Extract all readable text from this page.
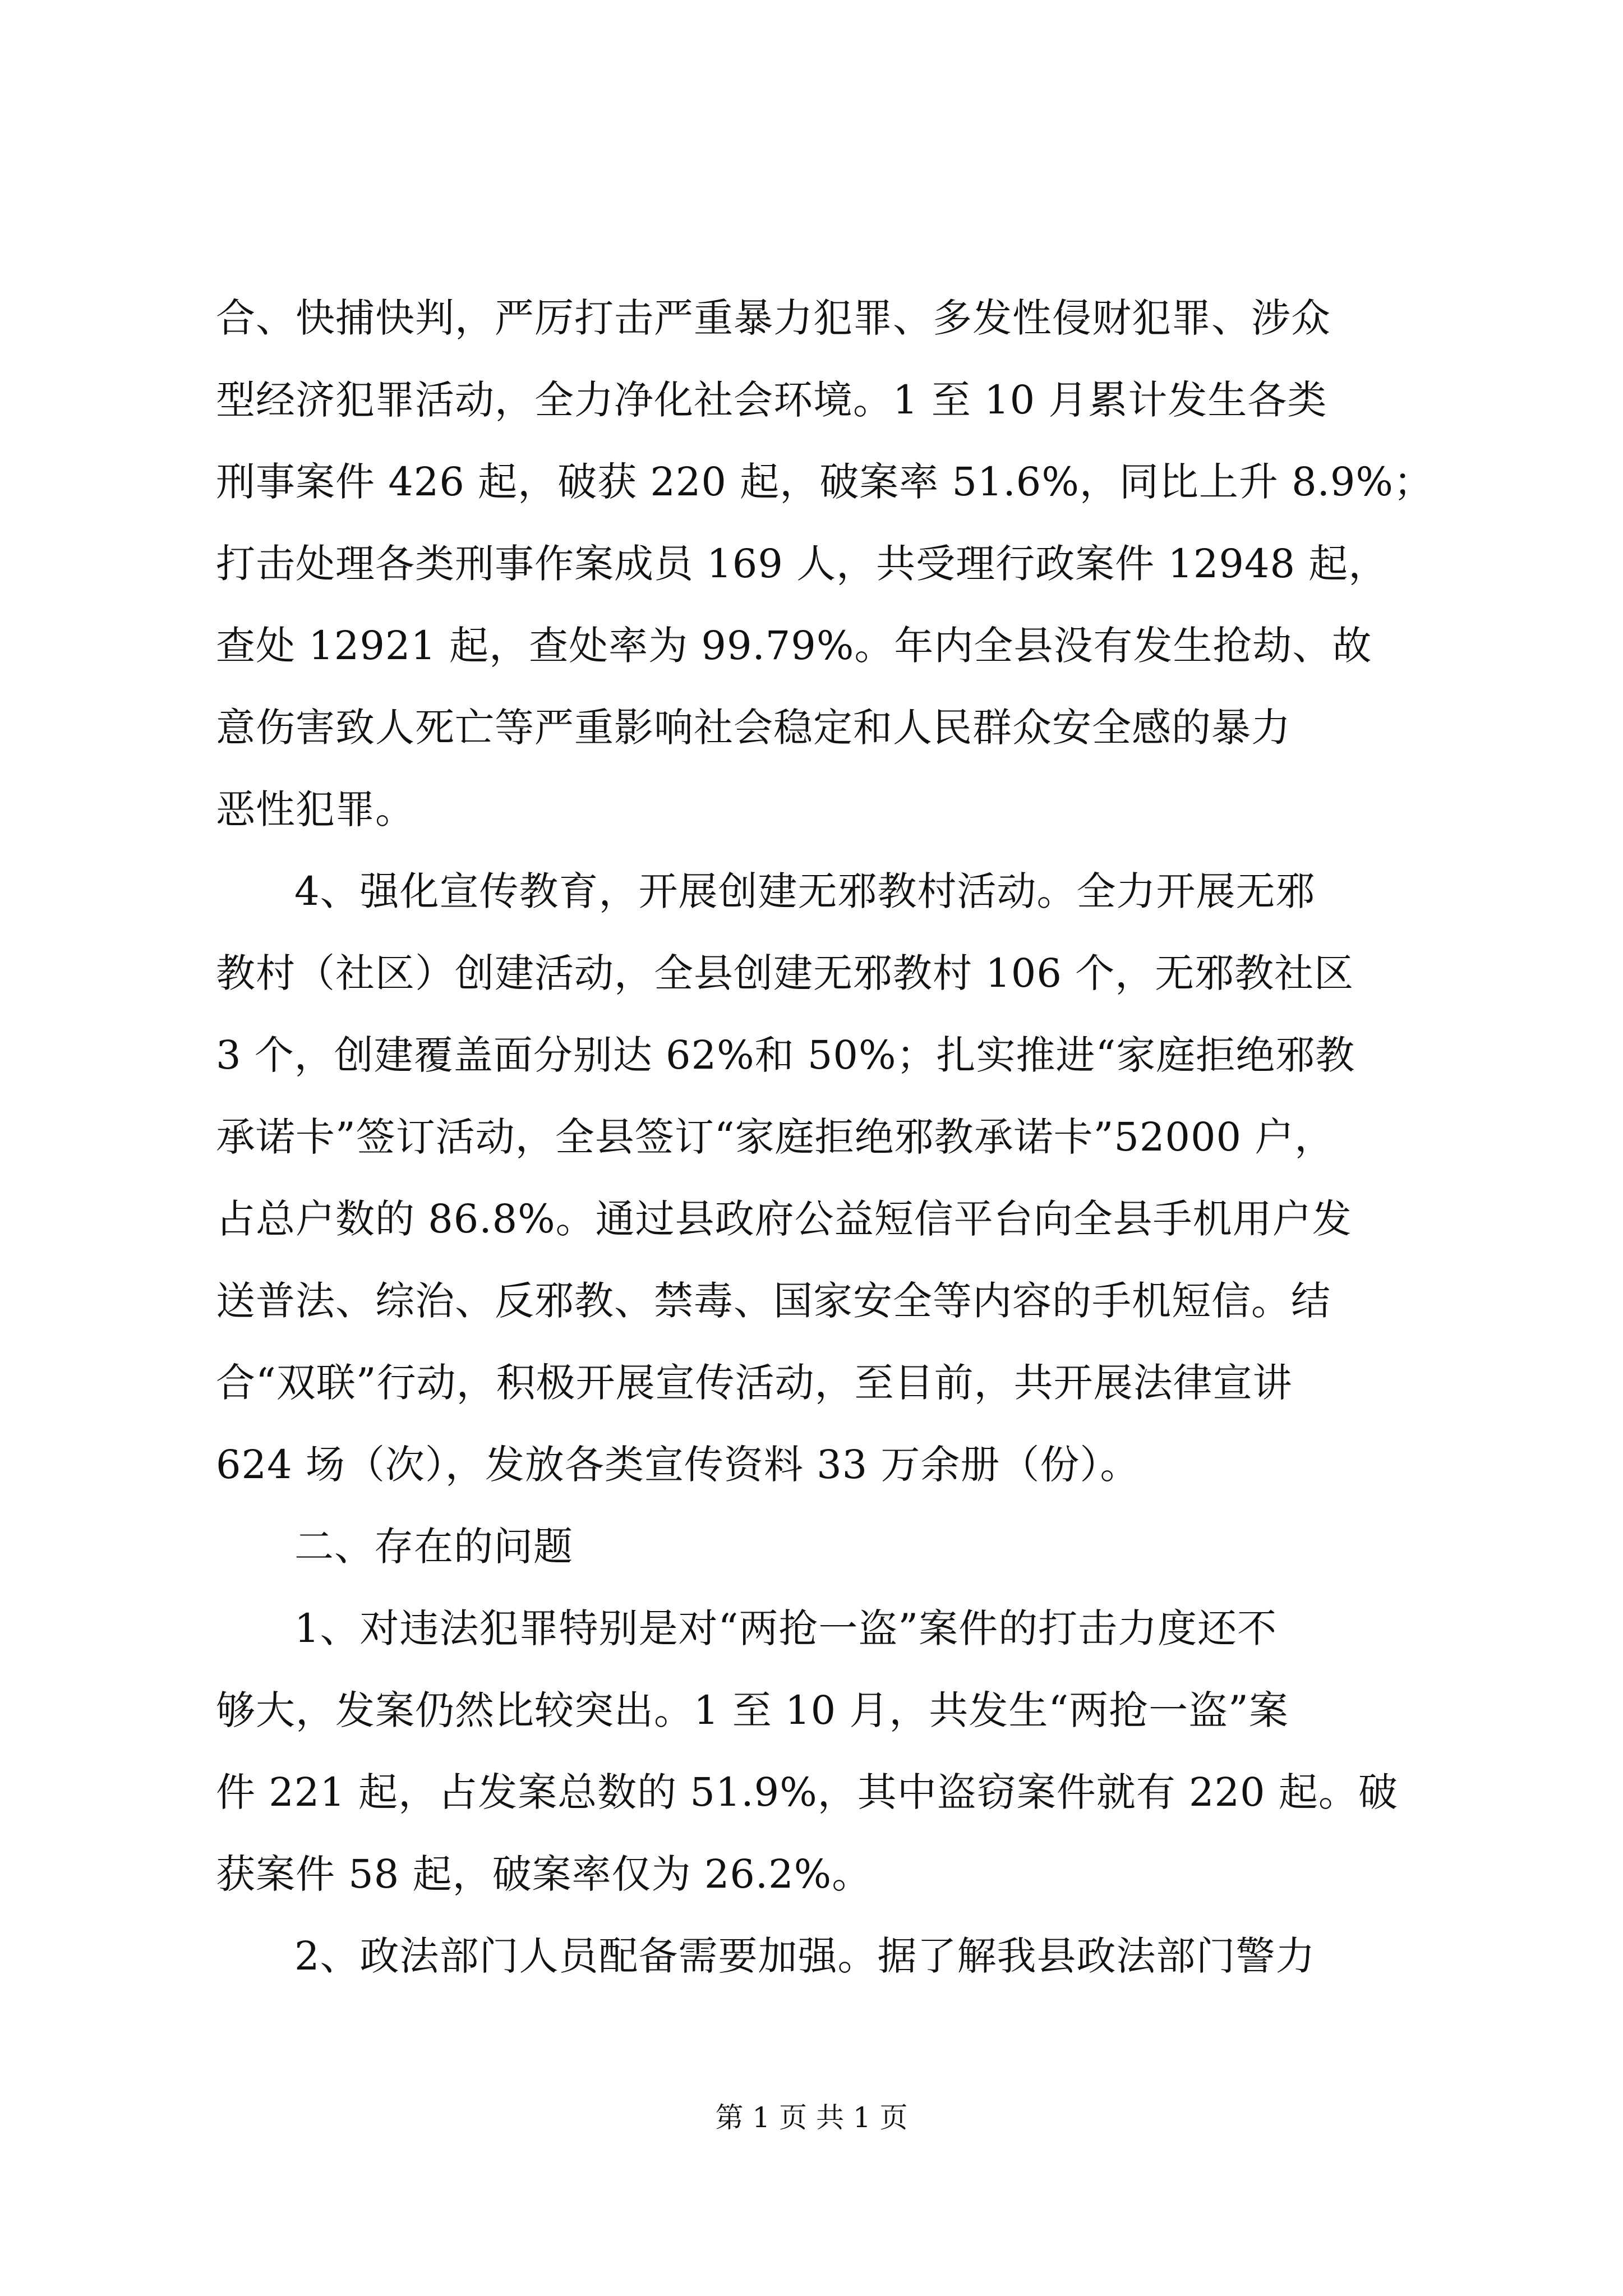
合、快捕快判，严厉打击严重暴力犯罪、多发性侵财犯罪、涉众
型经济犯罪活动，全力净化社会环境。1 至 10 月累计发生各类
刑事案件 426 起，破获 220 起，破案率 51.6%，同比上升 8.9%；
打击处理各类刑事作案成员 169 人，共受理行政案件 12948 起，
查处 12921 起，查处率为 99.79%。年内全县没有发生抢劫、故
意伤害致人死亡等严重影响社会稳定和人民群众安全感的暴力
恶性犯罪。
4、强化宣传教育，开展创建无邪教村活动。全力开展无邪
教村（社区）创建活动，全县创建无邪教村 106 个，无邪教社区
3 个，创建覆盖面分别达 62%和 50%；扎实推进“家庭拒绝邪教
承诺卡”签订活动，全县签订“家庭拒绝邪教承诺卡”52000 户，
占总户数的 86.8%。通过县政府公益短信平台向全县手机用户发
送普法、综治、反邪教、禁毒、国家安全等内容的手机短信。结
合“双联”行动，积极开展宣传活动，至目前，共开展法律宣讲
624 场（次），发放各类宣传资料 33 万余册（份）。
二、存在的问题
1、对违法犯罪特别是对“两抢一盗”案件的打击力度还不
够大，发案仍然比较突出。1 至 10 月，共发生“两抢一盗”案
件 221 起，占发案总数的 51.9%，其中盗窃案件就有 220 起。破
获案件 58 起，破案率仅为 26.2%。
2、政法部门人员配备需要加强。据了解我县政法部门警力
第 1 页 共 1 页
